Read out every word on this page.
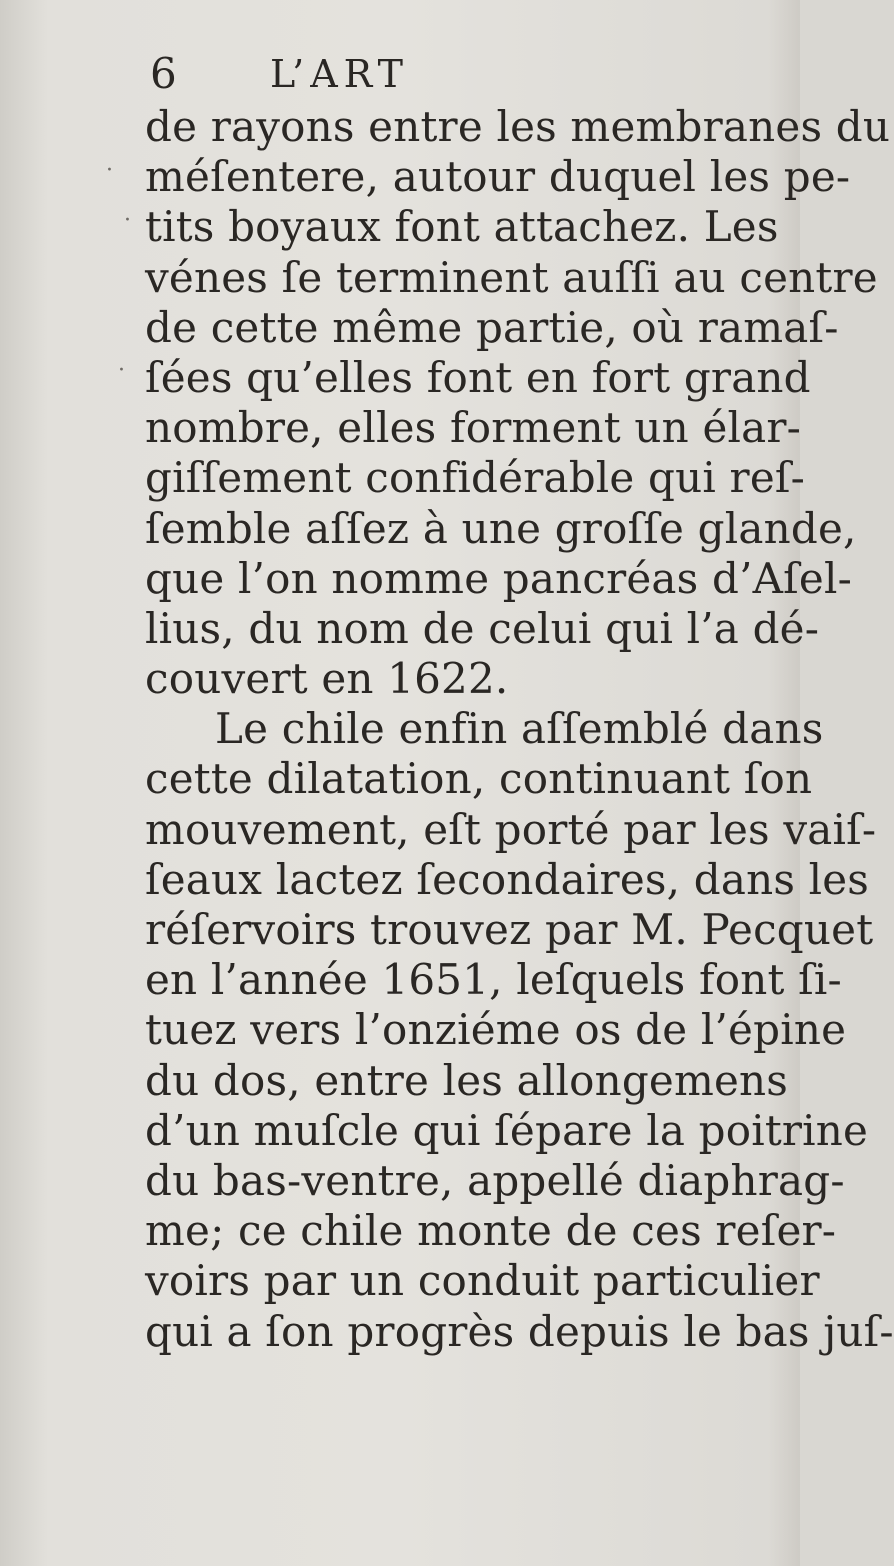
6 L’ART
·
·
·
de rayons entre les membranes du
méſentere, autour duquel les pe-
tits boyaux font attachez. Les
vénes ſe terminent auſſi au centre
de cette même partie, où ramaſ-
ſées qu’elles font en fort grand
nombre, elles forment un élar-
giſſement confidérable qui reſ-
ſemble aſſez à une groſſe glande,
que l’on nomme pancréas d’Aſel-
lius, du nom de celui qui l’a dé-
couvert en 1622.
Le chile enfin aſſemblé dans
cette dilatation, continuant ſon
mouvement, eſt porté par les vaiſ-
ſeaux lactez ſecondaires, dans les
réſervoirs trouvez par M. Pecquet
en l’année 1651, leſquels font ſi-
tuez vers l’onziéme os de l’épine
du dos, entre les allongemens
d’un muſcle qui ſépare la poitrine
du bas-ventre, appellé diaphrag-
me; ce chile monte de ces reſer-
voirs par un conduit particulier
qui a ſon progrès depuis le bas juſ-
